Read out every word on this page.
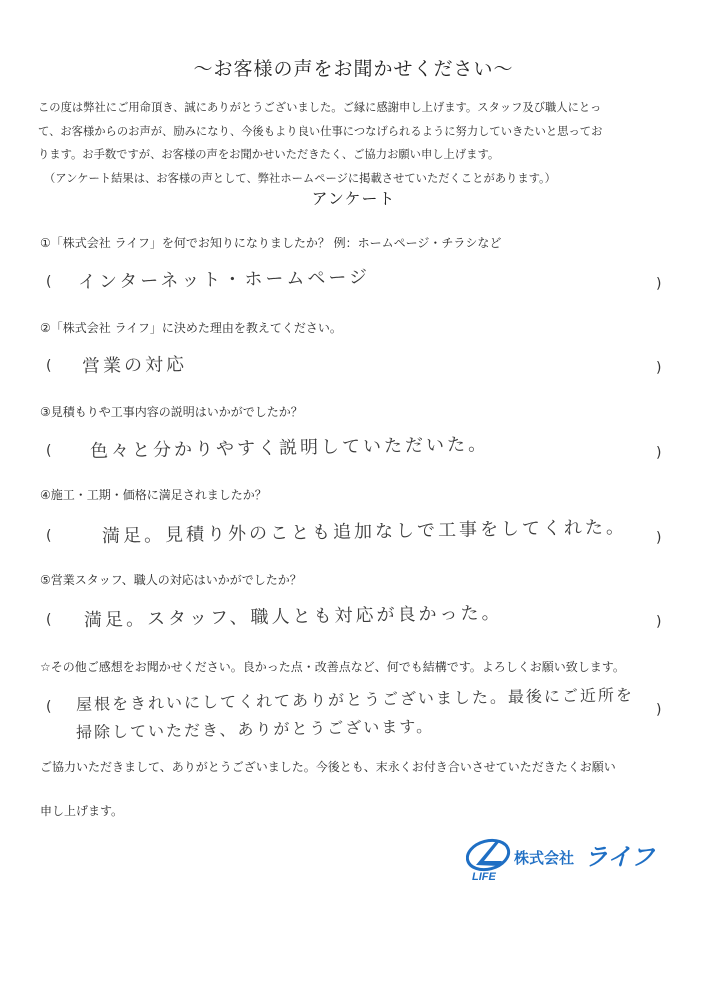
〜お客様の声をお聞かせください〜

この度は弊社にご用命頂き、誠にありがとうございました。ご縁に感謝申し上げます。スタッフ及び職人にとっ

て、お客様からのお声が、励みになり、今後もより良い仕事につなげられるように努力していきたいと思ってお

ります。お手数ですが、お客様の声をお聞かせいただきたく、ご協力お願い申し上げます。

（アンケート結果は、お客様の声として、弊社ホームページに掲載させていただくことがあります。）

アンケート
①「株式会社 ライフ」を何でお知りになりましたか？ 例：ホームページ・チラシなど
( インターネット・ホームページ	)
②「株式会社 ライフ」に決めた理由を教えてください。
( 営業の対応	)
③見積もりや工事内容の説明はいかがでしたか？
( 色々と分かりやすく説明していただいた。	)
④施工・工期・価格に満足されましたか？
(	満足。見積り外のことも追加なしで工事をしてくれた。 )
⑤営業スタッフ、職人の対応はいかがでしたか？
( 満足。スタッフ、職人とも対応が良かった。	)
☆その他ご感想をお聞かせください。良かった点・改善点など、何でも結構です。よろしくお願い致します。
( 屋根をきれいにしてくれてありがとうございました。最後にご近所を
掃除していただき、ありがとうございます。
)

ご協力いただきまして、ありがとうございました。今後とも、末永くお付き合いさせていただきたくお願い

申し上げます。

LIFE
株式会社 ライフ
